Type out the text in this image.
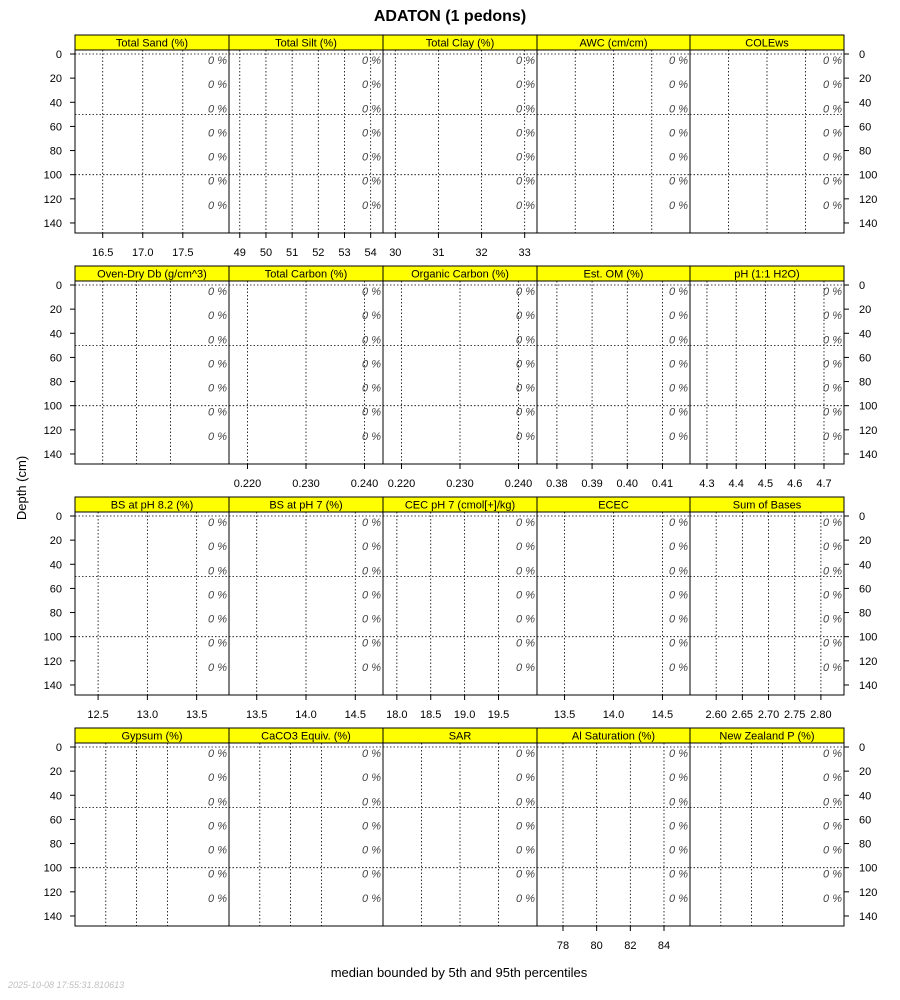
ADATON (1 pedons)
Depth (cm)
median bounded by 5th and 95th percentiles
Total Sand (%)
16.5 17.0 17.5
0 %
0 %
0 %
0 %
0 %
0 %
0 %
Total Silt (%)
49 50 51 52 53 54
0 %
0 %
0 %
0 %
0 %
0 %
0 %
Total Clay (%)
30	31	32	33
0 %
0 %
0 %
0 %
0 %
0 %
0 %
AWC (cm/cm)
0 %
0 %
0 %
0 %
0 %
0 %
0 %
COLEws
0 %
0 %
0 %
0 %
0 %
0 %
0 %
0	0
20	20
40	40
60	60
80	80
100	100
120	120
140	140
Oven-Dry Db (g/cm^3)
0 %
0 %
0 %
0 %
0 %
0 %
0 %
Total Carbon (%)
0.220	0.230	0.240
0 %
0 %
0 %
0 %
0 %
0 %
0 %
Organic Carbon (%)
0.220	0.230	0.240
0 %
0 %
0 %
0 %
0 %
0 %
0 %
Est. OM (%)
0.38 0.39 0.40 0.41
0 %
0 %
0 %
0 %
0 %
0 %
0 %
pH (1:1 H2O)
4.3 4.4 4.5 4.6 4.7
0 %
0 %
0 %
0 %
0 %
0 %
0 %
0	0
20	20
40	40
60	60
80	80
100	100
120	120
140	140
BS at pH 8.2 (%)
12.5	13.0	13.5
0 %
0 %
0 %
0 %
0 %
0 %
0 %
BS at pH 7 (%)
13.5	14.0	14.5
0 %
0 %
0 %
0 %
0 %
0 %
0 %
CEC pH 7 (cmol[+]/kg)
18.0 18.5 19.0 19.5
0 %
0 %
0 %
0 %
0 %
0 %
0 %
ECEC
13.5	14.0	14.5
0 %
0 %
0 %
0 %
0 %
0 %
0 %
Sum of Bases
2.60 2.65 2.70 2.75 2.80
0 %
0 %
0 %
0 %
0 %
0 %
0 %
0	0
20	20
40	40
60	60
80	80
100	100
120	120
140	140
Gypsum (%)
0 %
0 %
0 %
0 %
0 %
0 %
0 %
CaCO3 Equiv. (%)
0 %
0 %
0 %
0 %
0 %
0 %
0 %
SAR
0 %
0 %
0 %
0 %
0 %
0 %
0 %
Al Saturation (%)
78 80 82 84
0 %
0 %
0 %
0 %
0 %
0 %
0 %
New Zealand P (%)
0 %
0 %
0 %
0 %
0 %
0 %
0 %
0	0
20	20
40	40
60	60
80	80
100	100
120	120
140	140
2025-10-08 17:55:31.810613
